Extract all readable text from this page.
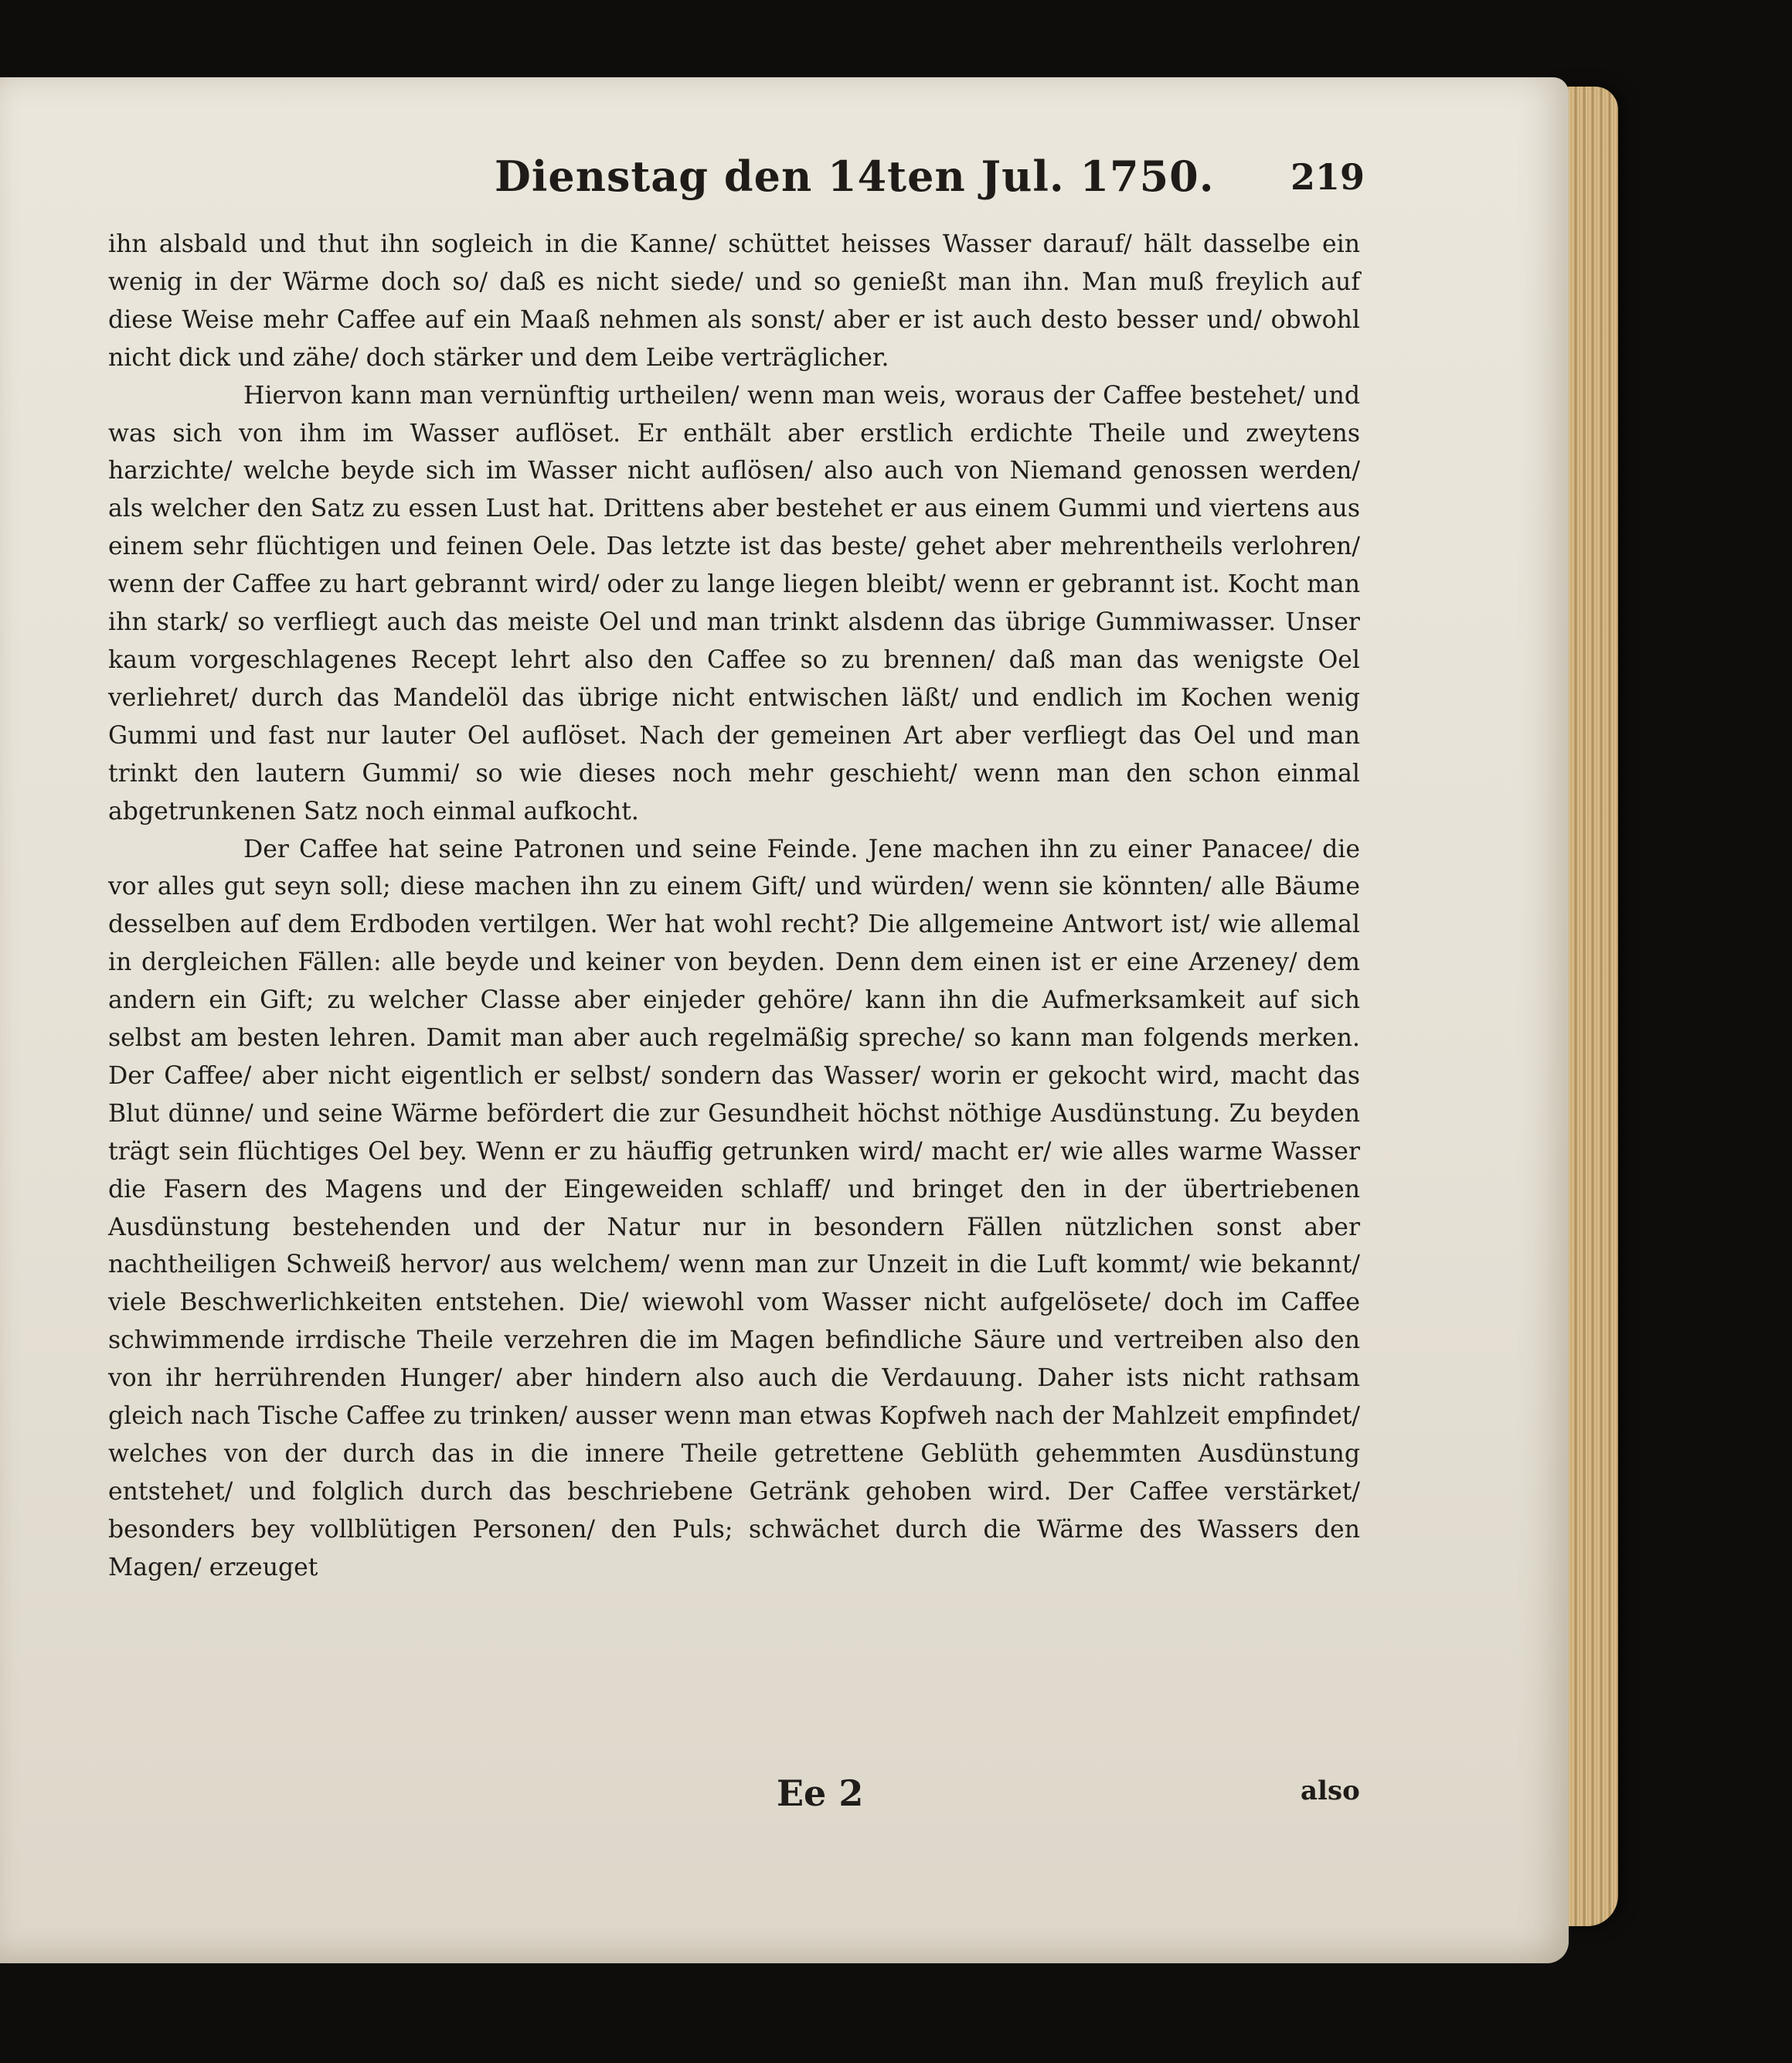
Dienstag den 14ten Jul. 1750. 219

ihn alsbald und thut ihn sogleich in die Kanne/ schüttet heisses Wasser darauf/ hält dasselbe ein wenig in der Wärme doch so/ daß es nicht siede/ und so genießt man ihn. Man muß freylich auf diese Weise mehr Caffee auf ein Maaß nehmen als sonst/ aber er ist auch desto besser und/ obwohl nicht dick und zähe/ doch stärker und dem Leibe verträglicher.

Hiervon kann man vernünftig urtheilen/ wenn man weis, woraus der Caffee bestehet/ und was sich von ihm im Wasser auflöset. Er enthält aber erstlich erdichte Theile und zweytens harzichte/ welche beyde sich im Wasser nicht auflösen/ also auch von Niemand genossen werden/ als welcher den Satz zu essen Lust hat. Drittens aber bestehet er aus einem Gummi und viertens aus einem sehr flüchtigen und feinen Oele. Das letzte ist das beste/ gehet aber mehrentheils verlohren/ wenn der Caffee zu hart gebrannt wird/ oder zu lange liegen bleibt/ wenn er gebrannt ist. Kocht man ihn stark/ so verfliegt auch das meiste Oel und man trinkt alsdenn das übrige Gummiwasser. Unser kaum vorgeschlagenes Recept lehrt also den Caffee so zu brennen/ daß man das wenigste Oel verliehret/ durch das Mandelöl das übrige nicht entwischen läßt/ und endlich im Kochen wenig Gummi und fast nur lauter Oel auflöset. Nach der gemeinen Art aber verfliegt das Oel und man trinkt den lautern Gummi/ so wie dieses noch mehr geschieht/ wenn man den schon einmal abgetrunkenen Satz noch einmal aufkocht.

Der Caffee hat seine Patronen und seine Feinde. Jene machen ihn zu einer Panacee/ die vor alles gut seyn soll; diese machen ihn zu einem Gift/ und würden/ wenn sie könnten/ alle Bäume desselben auf dem Erdboden vertilgen. Wer hat wohl recht? Die allgemeine Antwort ist/ wie allemal in dergleichen Fällen: alle beyde und keiner von beyden. Denn dem einen ist er eine Arzeney/ dem andern ein Gift; zu welcher Classe aber einjeder gehöre/ kann ihn die Aufmerksamkeit auf sich selbst am besten lehren. Damit man aber auch regelmäßig spreche/ so kann man folgends merken. Der Caffee/ aber nicht eigentlich er selbst/ sondern das Wasser/ worin er gekocht wird, macht das Blut dünne/ und seine Wärme befördert die zur Gesundheit höchst nöthige Ausdünstung. Zu beyden trägt sein flüchtiges Oel bey. Wenn er zu häuffig getrunken wird/ macht er/ wie alles warme Wasser die Fasern des Magens und der Eingeweiden schlaff/ und bringet den in der übertriebenen Ausdünstung bestehenden und der Natur nur in besondern Fällen nützlichen sonst aber nachtheiligen Schweiß hervor/ aus welchem/ wenn man zur Unzeit in die Luft kommt/ wie bekannt/ viele Beschwerlichkeiten entstehen. Die/ wiewohl vom Wasser nicht aufgelösete/ doch im Caffee schwimmende irrdische Theile verzehren die im Magen befindliche Säure und vertreiben also den von ihr herrührenden Hunger/ aber hindern also auch die Verdauung. Daher ists nicht rathsam gleich nach Tische Caffee zu trinken/ ausser wenn man etwas Kopfweh nach der Mahlzeit empfindet/ welches von der durch das in die innere Theile getrettene Geblüth gehemmten Ausdünstung entstehet/ und folglich durch das beschriebene Getränk gehoben wird. Der Caffee verstärket/ besonders bey vollblütigen Personen/ den Puls; schwächet durch die Wärme des Wassers den Magen/ erzeuget

Ee 2	also
